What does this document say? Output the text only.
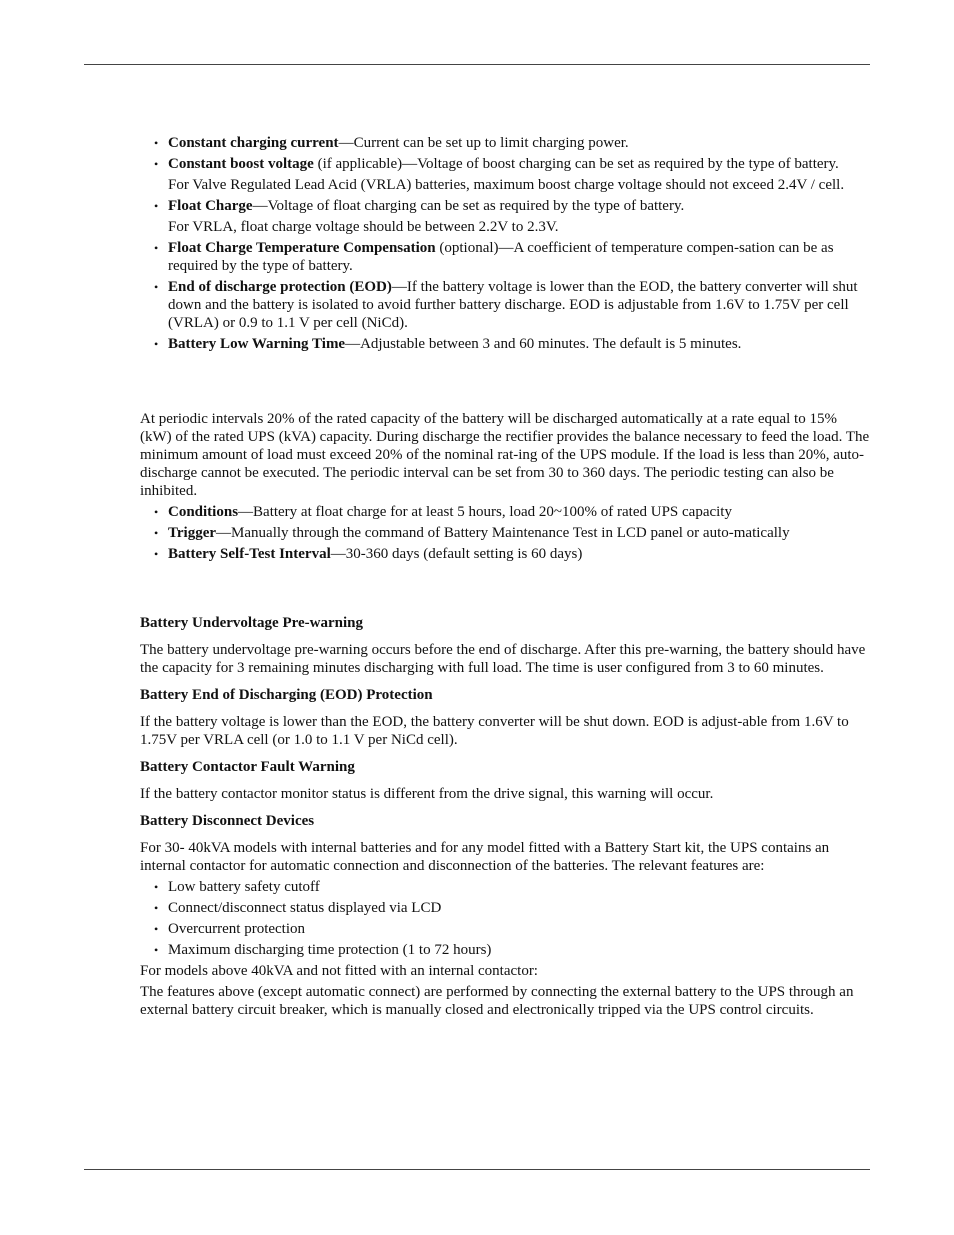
• Constant charging current—Current can be set up to limit charging power.
• Constant boost voltage (if applicable)—Voltage of boost charging can be set as required by the type of battery.
For Valve Regulated Lead Acid (VRLA) batteries, maximum boost charge voltage should not exceed 2.4V / cell.
• Float Charge—Voltage of float charging can be set as required by the type of battery.
For VRLA, float charge voltage should be between 2.2V to 2.3V.
• Float Charge Temperature Compensation (optional)—A coefficient of temperature compen-sation can be as required by the type of battery.
• End of discharge protection (EOD)—If the battery voltage is lower than the EOD, the battery converter will shut down and the battery is isolated to avoid further battery discharge. EOD is adjustable from 1.6V to 1.75V per cell (VRLA) or 0.9 to 1.1 V per cell (NiCd).
• Battery Low Warning Time—Adjustable between 3 and 60 minutes. The default is 5 minutes.

At periodic intervals 20% of the rated capacity of the battery will be discharged automatically at a rate equal to 15% (kW) of the rated UPS (kVA) capacity. During discharge the rectifier provides the balance necessary to feed the load. The minimum amount of load must exceed 20% of the nominal rat-ing of the UPS module. If the load is less than 20%, auto-discharge cannot be executed. The periodic interval can be set from 30 to 360 days. The periodic testing can also be inhibited.

• Conditions—Battery at float charge for at least 5 hours, load 20~100% of rated UPS capacity
• Trigger—Manually through the command of Battery Maintenance Test in LCD panel or auto-matically
• Battery Self-Test Interval—30-360 days (default setting is 60 days)

Battery Undervoltage Pre-warning

The battery undervoltage pre-warning occurs before the end of discharge. After this pre-warning, the battery should have the capacity for 3 remaining minutes discharging with full load. The time is user configured from 3 to 60 minutes.

Battery End of Discharging (EOD) Protection

If the battery voltage is lower than the EOD, the battery converter will be shut down. EOD is adjust-able from 1.6V to 1.75V per VRLA cell (or 1.0 to 1.1 V per NiCd cell).

Battery Contactor Fault Warning

If the battery contactor monitor status is different from the drive signal, this warning will occur.

Battery Disconnect Devices

For 30- 40kVA models with internal batteries and for any model fitted with a Battery Start kit, the UPS contains an internal contactor for automatic connection and disconnection of the batteries. The relevant features are:

• Low battery safety cutoff
• Connect/disconnect status displayed via LCD
• Overcurrent protection
• Maximum discharging time protection (1 to 72 hours)

For models above 40kVA and not fitted with an internal contactor:

The features above (except automatic connect) are performed by connecting the external battery to the UPS through an external battery circuit breaker, which is manually closed and electronically tripped via the UPS control circuits.
